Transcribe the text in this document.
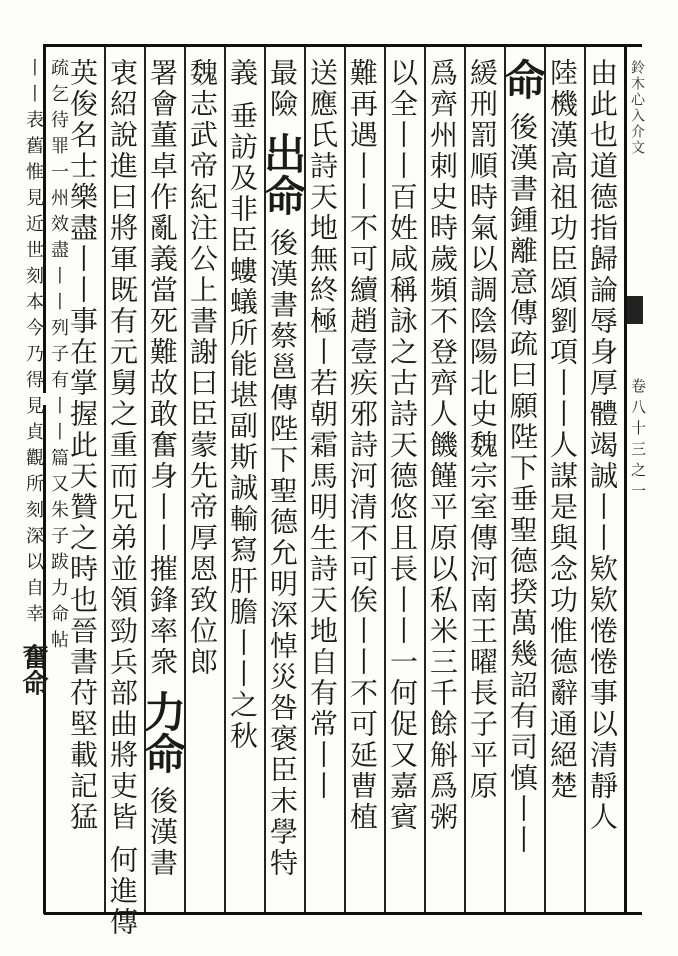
鈴木心入介文
卷八十三之一
由此也道德指歸論辱身厚體竭誠丨丨欵欵惓惓事以清靜人
陸機漢高祖功臣頌劉項丨丨人謀是與念功惟德辭通絕楚
命 後漢書鍾離意傳疏曰願陛下垂聖德揆萬幾詔有司慎丨丨
緩刑罰順時氣以調陰陽北史魏宗室傳河南王曜長子平原
爲齊州刺史時歲頻不登齊人饑饉平原以私米三千餘斛爲粥
以全丨丨百姓咸稱詠之古詩天德悠且長丨丨一何促又嘉賓
難再遇丨丨不可續趙壹疾邪詩河清不可俟丨丨不可延曹植
送應氏詩天地無終極丨若朝霜馬明生詩天地自有常丨丨
最險 出命 後漢書蔡邕傳陛下聖德允明深悼災咎褒臣末學特
義 垂訪及非臣螻蟻所能堪副斯誠輸寫肝膽丨丨之秋
魏志武帝紀注公上書謝曰臣蒙先帝厚恩致位郎
署會董卓作亂義當死難故敢奮身丨丨摧鋒率衆 力命 後漢書
衷紹說進曰將軍既有元舅之重而兄弟並領勁兵部曲將吏皆 何進傳
英俊名士樂盡丨丨事在掌握此天贊之時也晉書苻堅載記猛
疏乞待罪一州效盡丨丨列子有丨丨篇又朱子跋力命帖
丨丨表舊惟見近世刻本今乃得見貞觀所刻深以自幸 奮命
